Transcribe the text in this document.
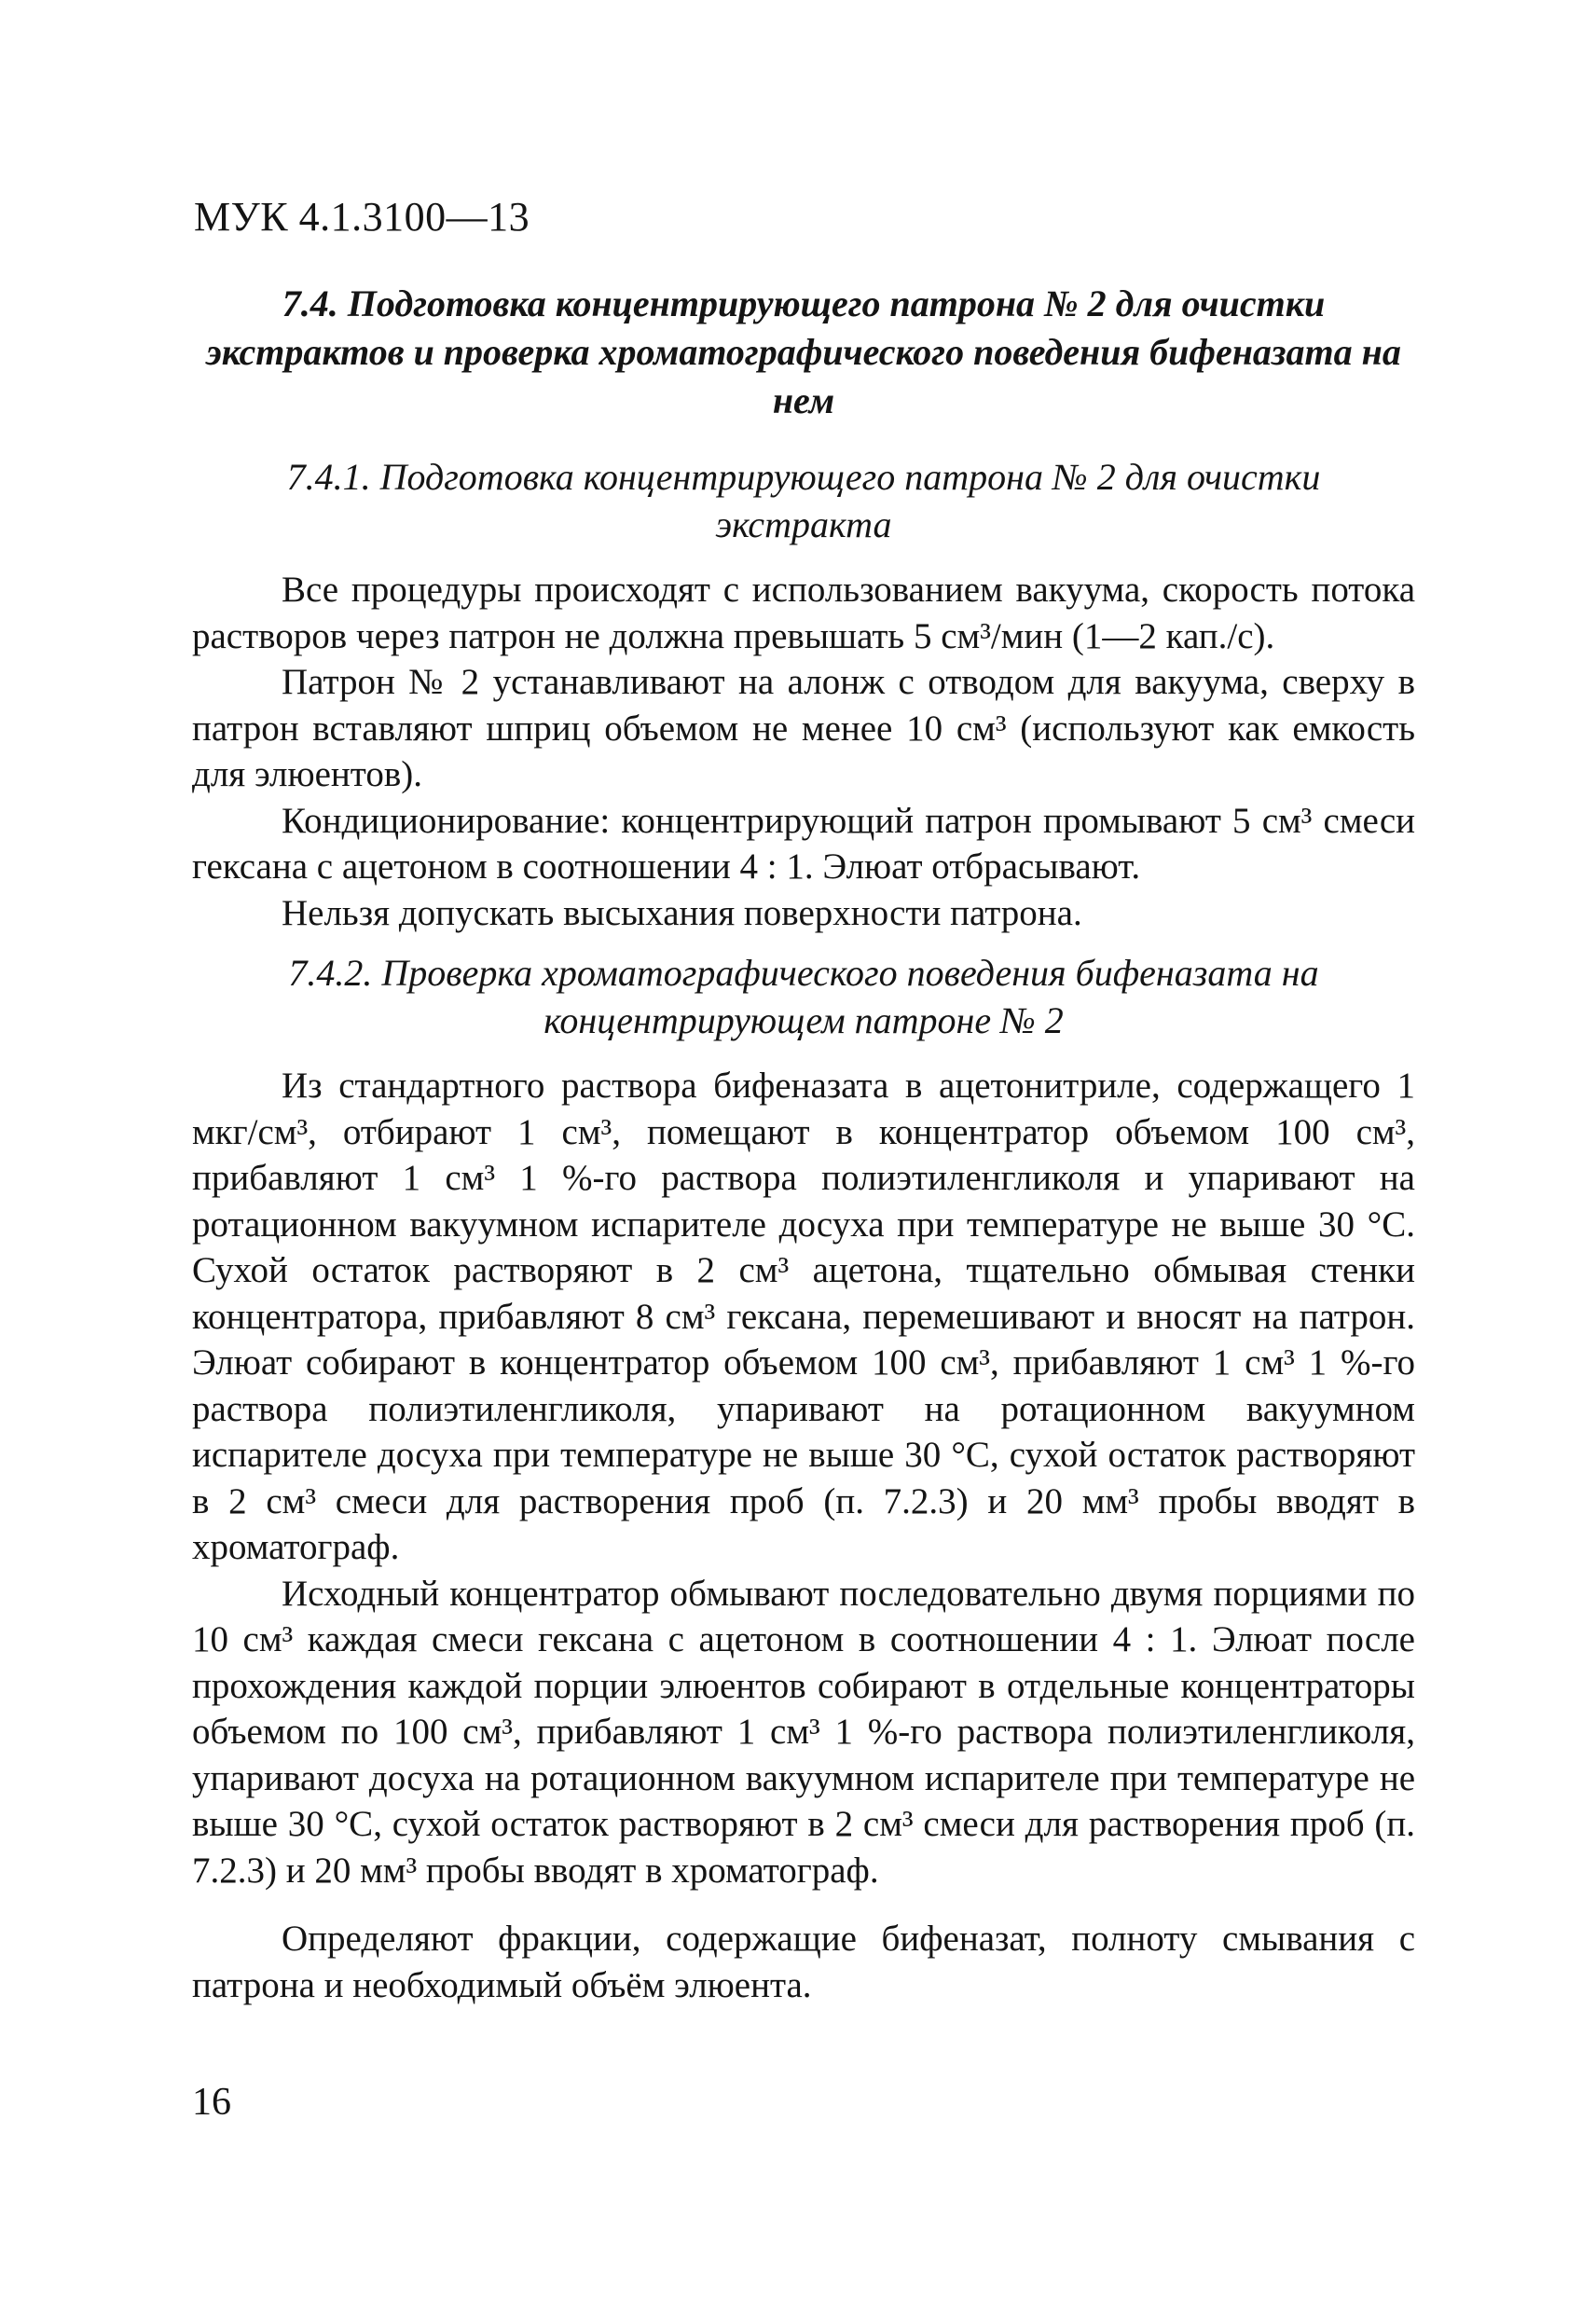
МУК 4.1.3100—13
7.4. Подготовка концентрирующего патрона № 2 для очистки экстрактов и проверка хроматографического поведения бифеназата на нем
7.4.1. Подготовка концентрирующего патрона № 2 для очистки экстракта

Все процедуры происходят с использованием вакуума, скорость потока растворов через патрон не должна превышать 5 см³/мин (1—2 кап./с).

Патрон № 2 устанавливают на алонж с отводом для вакуума, сверху в патрон вставляют шприц объемом не менее 10 см³ (используют как емкость для элюентов).

Кондиционирование: концентрирующий патрон промывают 5 см³ смеси гексана с ацетоном в соотношении 4 : 1. Элюат отбрасывают.

Нельзя допускать высыхания поверхности патрона.

7.4.2. Проверка хроматографического поведения бифеназата на концентрирующем патроне № 2

Из стандартного раствора бифеназата в ацетонитриле, содержащего 1 мкг/см³, отбирают 1 см³, помещают в концентратор объемом 100 см³, прибавляют 1 см³ 1 %-го раствора полиэтиленгликоля и упаривают на ротационном вакуумном испарителе досуха при температуре не выше 30 °C. Сухой остаток растворяют в 2 см³ ацетона, тщательно обмывая стенки концентратора, прибавляют 8 см³ гексана, перемешивают и вносят на патрон. Элюат собирают в концентратор объемом 100 см³, прибавляют 1 см³ 1 %-го раствора полиэтиленгликоля, упаривают на ротационном вакуумном испарителе досуха при температуре не выше 30 °C, сухой остаток растворяют в 2 см³ смеси для растворения проб (п. 7.2.3) и 20 мм³ пробы вводят в хроматограф.

Исходный концентратор обмывают последовательно двумя порциями по 10 см³ каждая смеси гексана с ацетоном в соотношении 4 : 1. Элюат после прохождения каждой порции элюентов собирают в отдельные концентраторы объемом по 100 см³, прибавляют 1 см³ 1 %-го раствора полиэтиленгликоля, упаривают досуха на ротационном вакуумном испарителе при температуре не выше 30 °C, сухой остаток растворяют в 2 см³ смеси для растворения проб (п. 7.2.3) и 20 мм³ пробы вводят в хроматограф.

Определяют фракции, содержащие бифеназат, полноту смывания с патрона и необходимый объём элюента.

16
